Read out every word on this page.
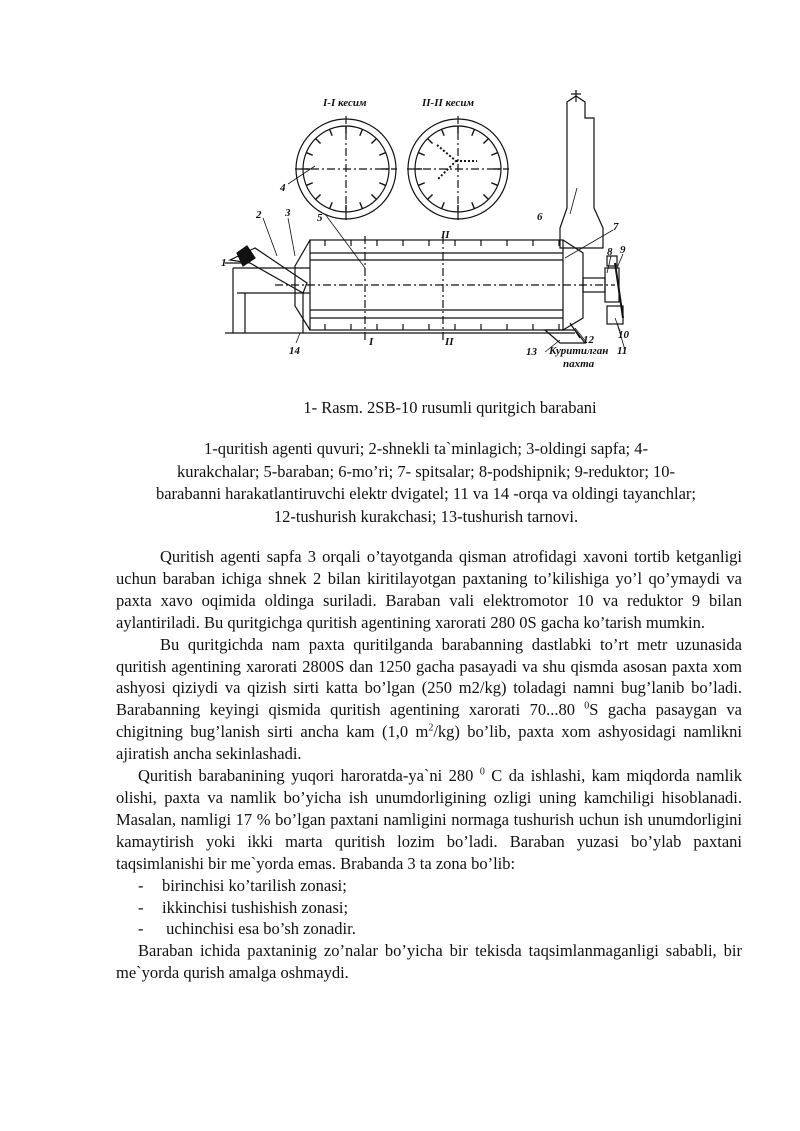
I-I кесим	II-II кесим
1
2 3
4
5	6
7
8 9
10
11
12
13
14
II
I	II
Куритилган
пахта
1- Rasm. 2SB-10 rusumli quritgich barabani
1-quritish agenti quvuri; 2-shnekli ta`minlagich; 3-oldingi sapfa; 4-
kurakchalar; 5-baraban; 6-mo’ri; 7- spitsalar; 8-podshipnik; 9-reduktor; 10-
barabanni harakatlantiruvchi elektr dvigatel; 11 va 14 -orqa va oldingi tayanchlar;
12-tushurish kurakchasi; 13-tushurish tarnovi.

Quritish agenti sapfa 3 orqali o’tayotganda qisman atrofidagi xavoni tortib ketganligi uchun baraban ichiga shnek 2 bilan kiritilayotgan paxtaning to’kilishiga yo’l qo’ymaydi va paxta xavo oqimida oldinga suriladi. Baraban vali elektromotor 10 va reduktor 9 bilan aylantiriladi. Bu quritgichga quritish agentining xarorati 280 0S gacha ko’tarish mumkin.

Bu quritgichda nam paxta quritilganda barabanning dastlabki to’rt metr uzunasida quritish agentining xarorati 2800S dan 1250 gacha pasayadi va shu qismda asosan paxta xom ashyosi qiziydi va qizish sirti katta bo’lgan (250 m2/kg) toladagi namni bug’lanib bo’ladi. Barabanning keyingi qismida quritish agentining xarorati 70...80 $^0$S gacha pasaygan va chigitning bug’lanish sirti ancha kam (1,0 $m^2/kg$) bo’lib, paxta xom ashyosidagi namlikni ajiratish ancha sekinlashadi.

Quritish barabanining yuqori haroratda-ya`ni 280 $^0$ C da ishlashi, kam miqdorda namlik olishi, paxta va namlik bo’yicha ish unumdorligining ozligi uning kamchiligi hisoblanadi. Masalan, namligi 17 % bo’lgan paxtani namligini normaga tushurish uchun ish unumdorligini kamaytirish yoki ikki marta quritish lozim bo’ladi. Baraban yuzasi bo’ylab paxtani taqsimlanishi bir me`yorda emas. Brabanda 3 ta zona bo’lib:

- birinchisi ko’tarilish zonasi;
- ikkinchisi tushishish zonasi;
- uchinchisi esa bo’sh zonadir.

Baraban ichida paxtaninig zo’nalar bo’yicha bir tekisda taqsimlanmaganligi sababli, bir me`yorda qurish amalga oshmaydi.
